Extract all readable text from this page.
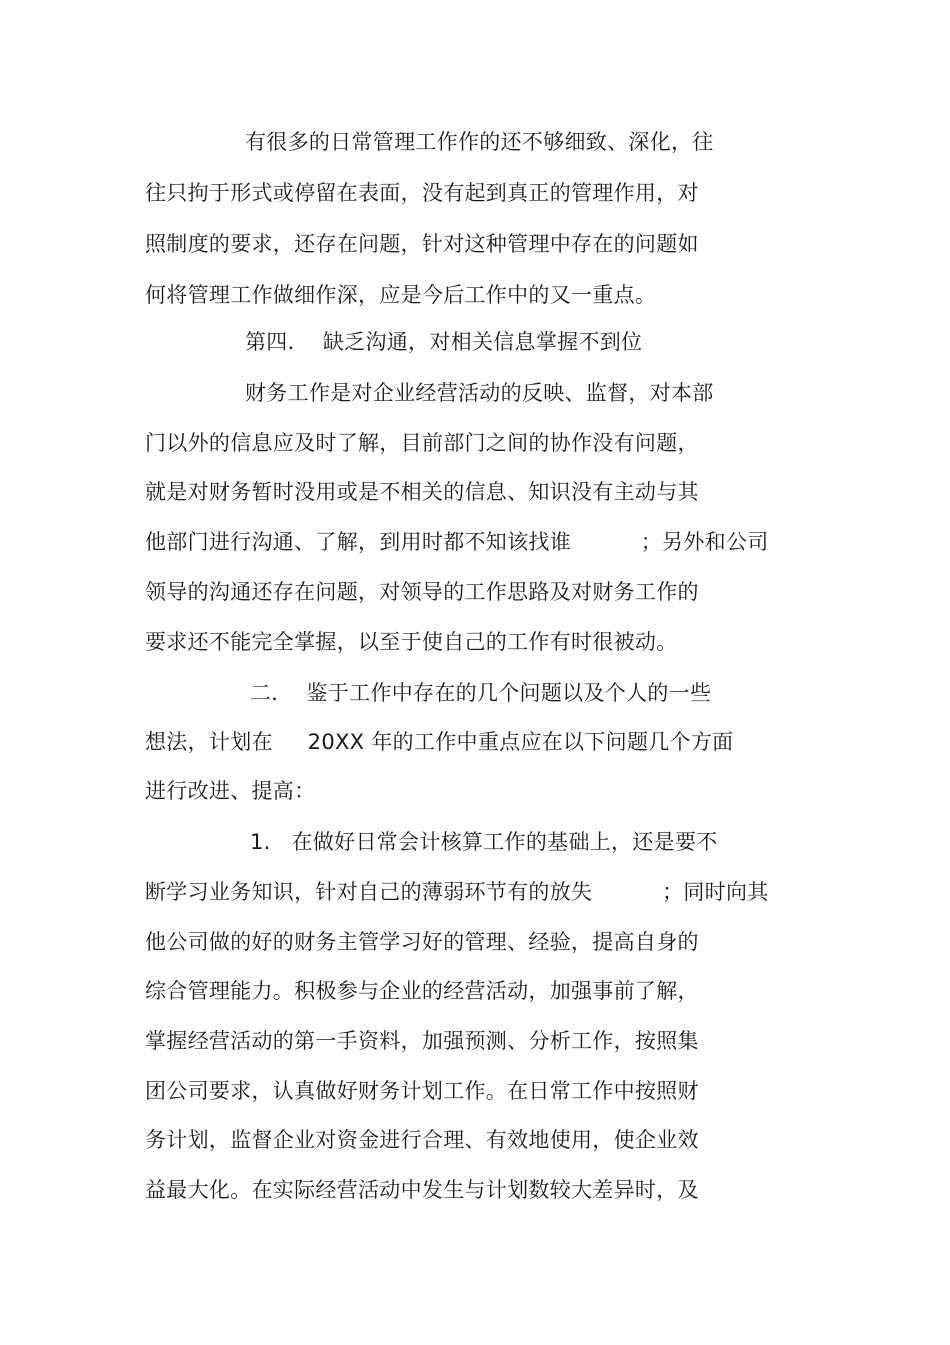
有很多的日常管理工作作的还不够细致、深化，往
往只拘于形式或停留在表面，没有起到真正的管理作用，对
照制度的要求，还存在问题，针对这种管理中存在的问题如
何将管理工作做细作深，应是今后工作中的又一重点。
第四．  缺乏沟通，对相关信息掌握不到位
财务工作是对企业经营活动的反映、监督，对本部
门以外的信息应及时了解，目前部门之间的协作没有问题，
就是对财务暂时没用或是不相关的信息、知识没有主动与其
他部门进行沟通、了解，到用时都不知该找谁          ；另外和公司
领导的沟通还存在问题，对领导的工作思路及对财务工作的
要求还不能完全掌握，以至于使自己的工作有时很被动。
二．  鉴于工作中存在的几个问题以及个人的一些
想法，计划在     20XX 年的工作中重点应在以下问题几个方面
进行改进、提高：
1.   在做好日常会计核算工作的基础上，还是要不
断学习业务知识，针对自己的薄弱环节有的放失          ；同时向其
他公司做的好的财务主管学习好的管理、经验，提高自身的
综合管理能力。积极参与企业的经营活动，加强事前了解，
掌握经营活动的第一手资料，加强预测、分析工作，按照集
团公司要求，认真做好财务计划工作。在日常工作中按照财
务计划，监督企业对资金进行合理、有效地使用，使企业效
益最大化。在实际经营活动中发生与计划数较大差异时，及
